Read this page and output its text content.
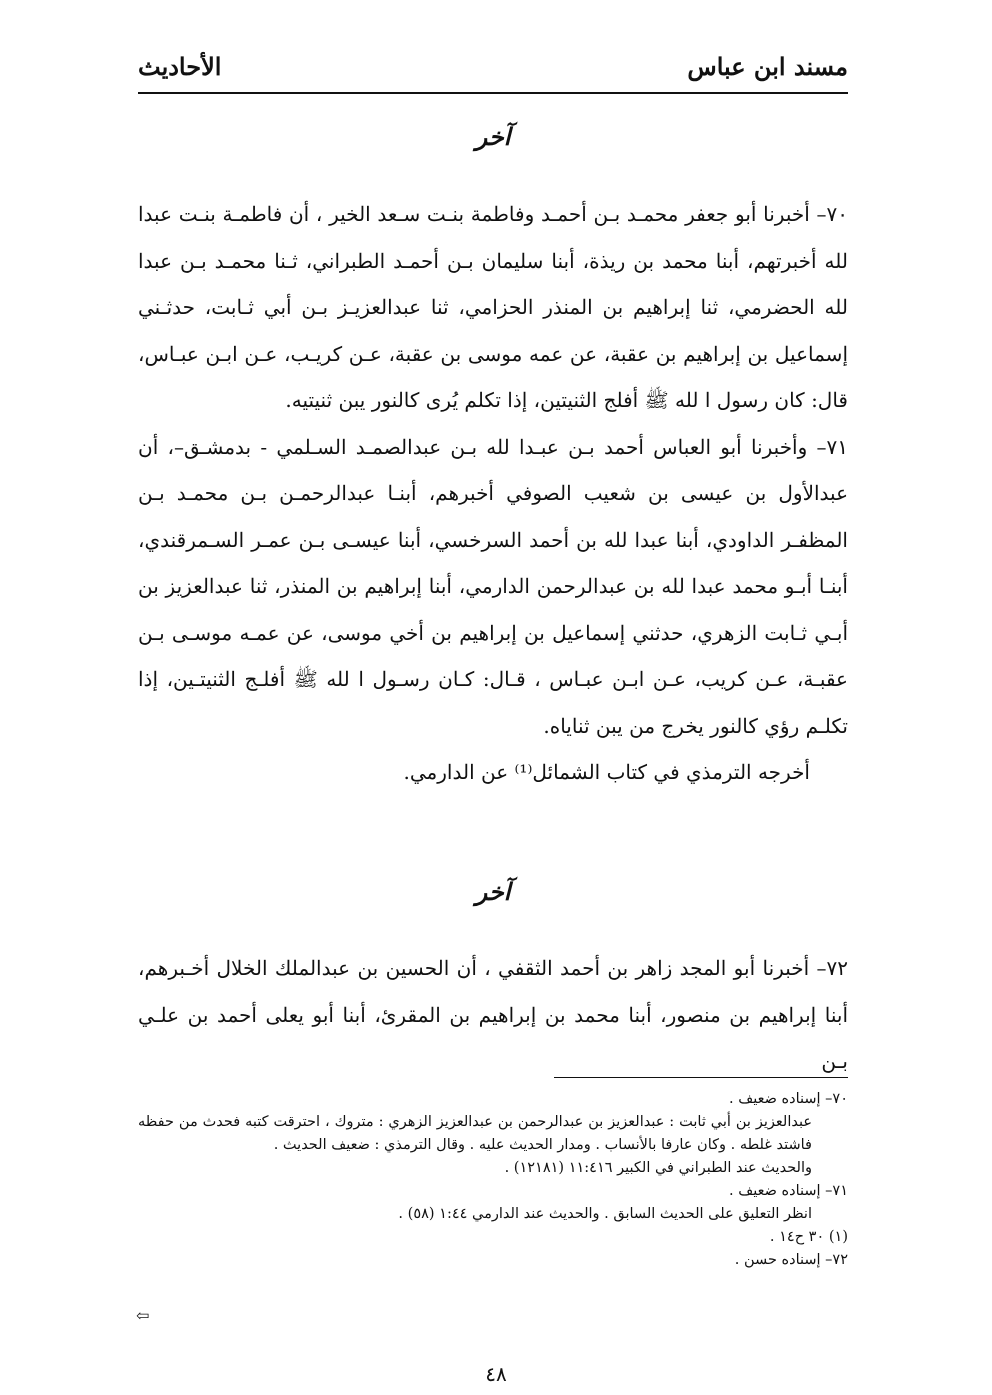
مسند ابن عباس
الأحاديث
آخر

٧٠– أخبرنا أبو جعفر محمـد بـن أحمـد وفاطمة بنـت سـعد الخير ، أن فاطمـة بنـت عبدا لله أخبرتهم، أبنا محمد بن ريذة، أبنا سليمان بـن أحمـد الطبراني، ثـنا محمـد بـن عبدا لله الحضرمي، ثنا إبراهيم بن المنذر الحزامي، ثنا عبدالعزيـز بـن أبي ثـابت، حدثـني إسماعيل بن إبراهيم بن عقبة، عن عمه موسى بن عقبة، عـن كريـب، عـن ابـن عبـاس، قال: كان رسول ا لله ﷺ أفلج الثنيتين، إذا تكلم يُرى كالنور يبن ثنيتيه.

٧١– وأخبرنا أبو العباس أحمد بـن عبـدا لله بـن عبدالصمـد السـلمي - بدمشـق–، أن عبدالأول بن عيسى بن شعيب الصوفي أخبرهم، أبنـا عبدالرحمـن بـن محمـد بـن المظفـر الداودي، أبنا عبدا لله بن أحمد السرخسي، أبنا عيسـى بـن عمـر السـمرقندي، أبنـا أبـو محمد عبدا لله بن عبدالرحمن الدارمي، أبنا إبراهيم بن المنذر، ثنا عبدالعزيز بن أبـي ثـابت الزهري، حدثني إسماعيل بن إبراهيم بن أخي موسى، عن عمـه موسـى بـن عقبـة، عـن كريب، عـن ابـن عبـاس ، قـال: كـان رسـول ا لله ﷺ أفلـج الثنيتـين، إذا تكلـم رؤي كالنور يخرج من يبن ثناياه.

أخرجه الترمذي في كتاب الشمائل⁽¹⁾ عن الدارمي.

آخر

٧٢– أخبرنا أبو المجد زاهر بن أحمد الثقفي ، أن الحسين بن عبدالملك الخلال أخـبرهم، أبنا إبراهيم بن منصور، أبنا محمد بن إبراهيم بن المقرئ، أبنا أبو يعلى أحمد بن علـي بـن

٧٠– إسناده ضعيف .

عبدالعزيز بن أبي ثابت : عبدالعزيز بن عبدالرحمن بن عبدالعزيز الزهري : متروك ، احترقت كتبه فحدث من حفظه فاشتد غلطه . وكان عارفا بالأنساب . ومدار الحديث عليه . وقال الترمذي : ضعيف الحديث .

والحديث عند الطبراني في الكبير ١١:٤١٦ (١٢١٨١) .

٧١– إسناده ضعيف .

انظر التعليق على الحديث السابق . والحديث عند الدارمي ١:٤٤ (٥٨) .

(١) ٣٠ ح١٤ .

٧٢– إسناده حسن .

⇦
٤٨
